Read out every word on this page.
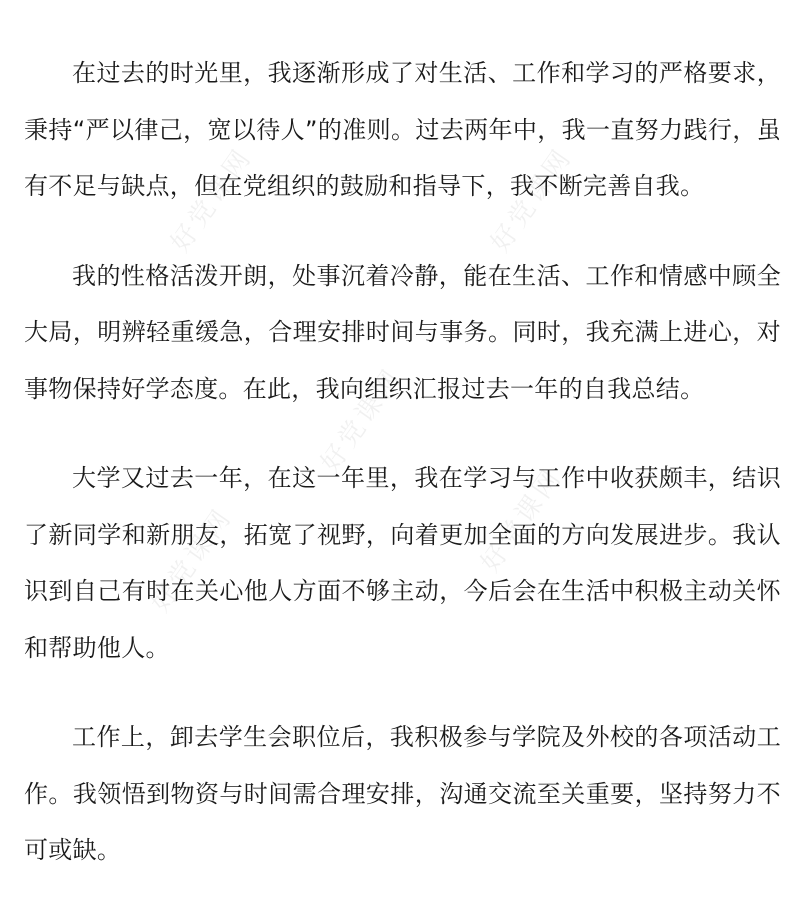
好党课网	好党课网
好党课网
好党课网	好党课网

在过去的时光里，我逐渐形成了对生活、工作和学习的严格要求，秉持“严以律己，宽以待人”的准则。过去两年中，我一直努力践行，虽有不足与缺点，但在党组织的鼓励和指导下，我不断完善自我。

我的性格活泼开朗，处事沉着冷静，能在生活、工作和情感中顾全大局，明辨轻重缓急，合理安排时间与事务。同时，我充满上进心，对事物保持好学态度。在此，我向组织汇报过去一年的自我总结。

大学又过去一年，在这一年里，我在学习与工作中收获颇丰，结识了新同学和新朋友，拓宽了视野，向着更加全面的方向发展进步。我认识到自己有时在关心他人方面不够主动，今后会在生活中积极主动关怀和帮助他人。

工作上，卸去学生会职位后，我积极参与学院及外校的各项活动工作。我领悟到物资与时间需合理安排，沟通交流至关重要，坚持努力不可或缺。
